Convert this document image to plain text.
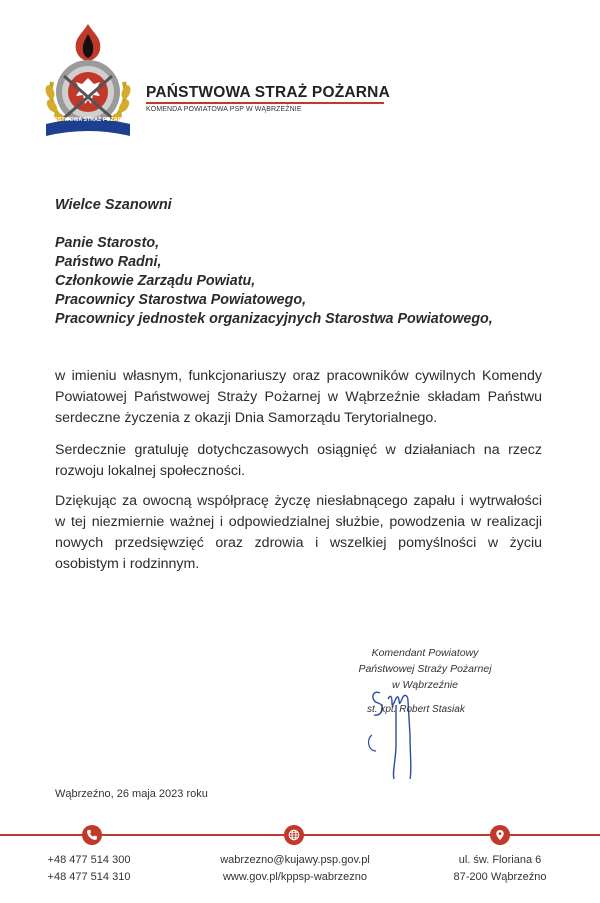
PAŃSTWOWA STRAŻ POŻARNA
PAŃSTWOWA STRAŻ POŻARNA
KOMENDA POWIATOWA PSP W WĄBRZEŹNIE
Wielce Szanowni
Panie Starosto,
Państwo Radni,
Członkowie Zarządu Powiatu,
Pracownicy Starostwa Powiatowego,
Pracownicy jednostek organizacyjnych Starostwa Powiatowego,
w imieniu własnym, funkcjonariuszy oraz pracowników cywilnych Komendy Powiatowej Państwowej Straży Pożarnej w Wąbrzeźnie składam Państwu serdeczne życzenia z okazji Dnia Samorządu Terytorialnego.
Serdecznie gratuluję dotychczasowych osiągnięć w działaniach na rzecz rozwoju lokalnej społeczności.
Dziękując za owocną współpracę życzę niesłabnącego zapału i wytrwałości w tej niezmiernie ważnej i odpowiedzialnej służbie, powodzenia w realizacji nowych przedsięwzięć oraz zdrowia i wszelkiej pomyślności w życiu osobistym i rodzinnym.
Komendant Powiatowy
Państwowej Straży Pożarnej
w Wąbrzeźnie
st. kpt. Robert Stasiak
Wąbrzeźno, 26 maja 2023 roku
+48 477 514 300
+48 477 514 310
wabrzezno@kujawy.psp.gov.pl
www.gov.pl/kppsp-wabrzezno
ul. św. Floriana 6
87-200 Wąbrzeźno
